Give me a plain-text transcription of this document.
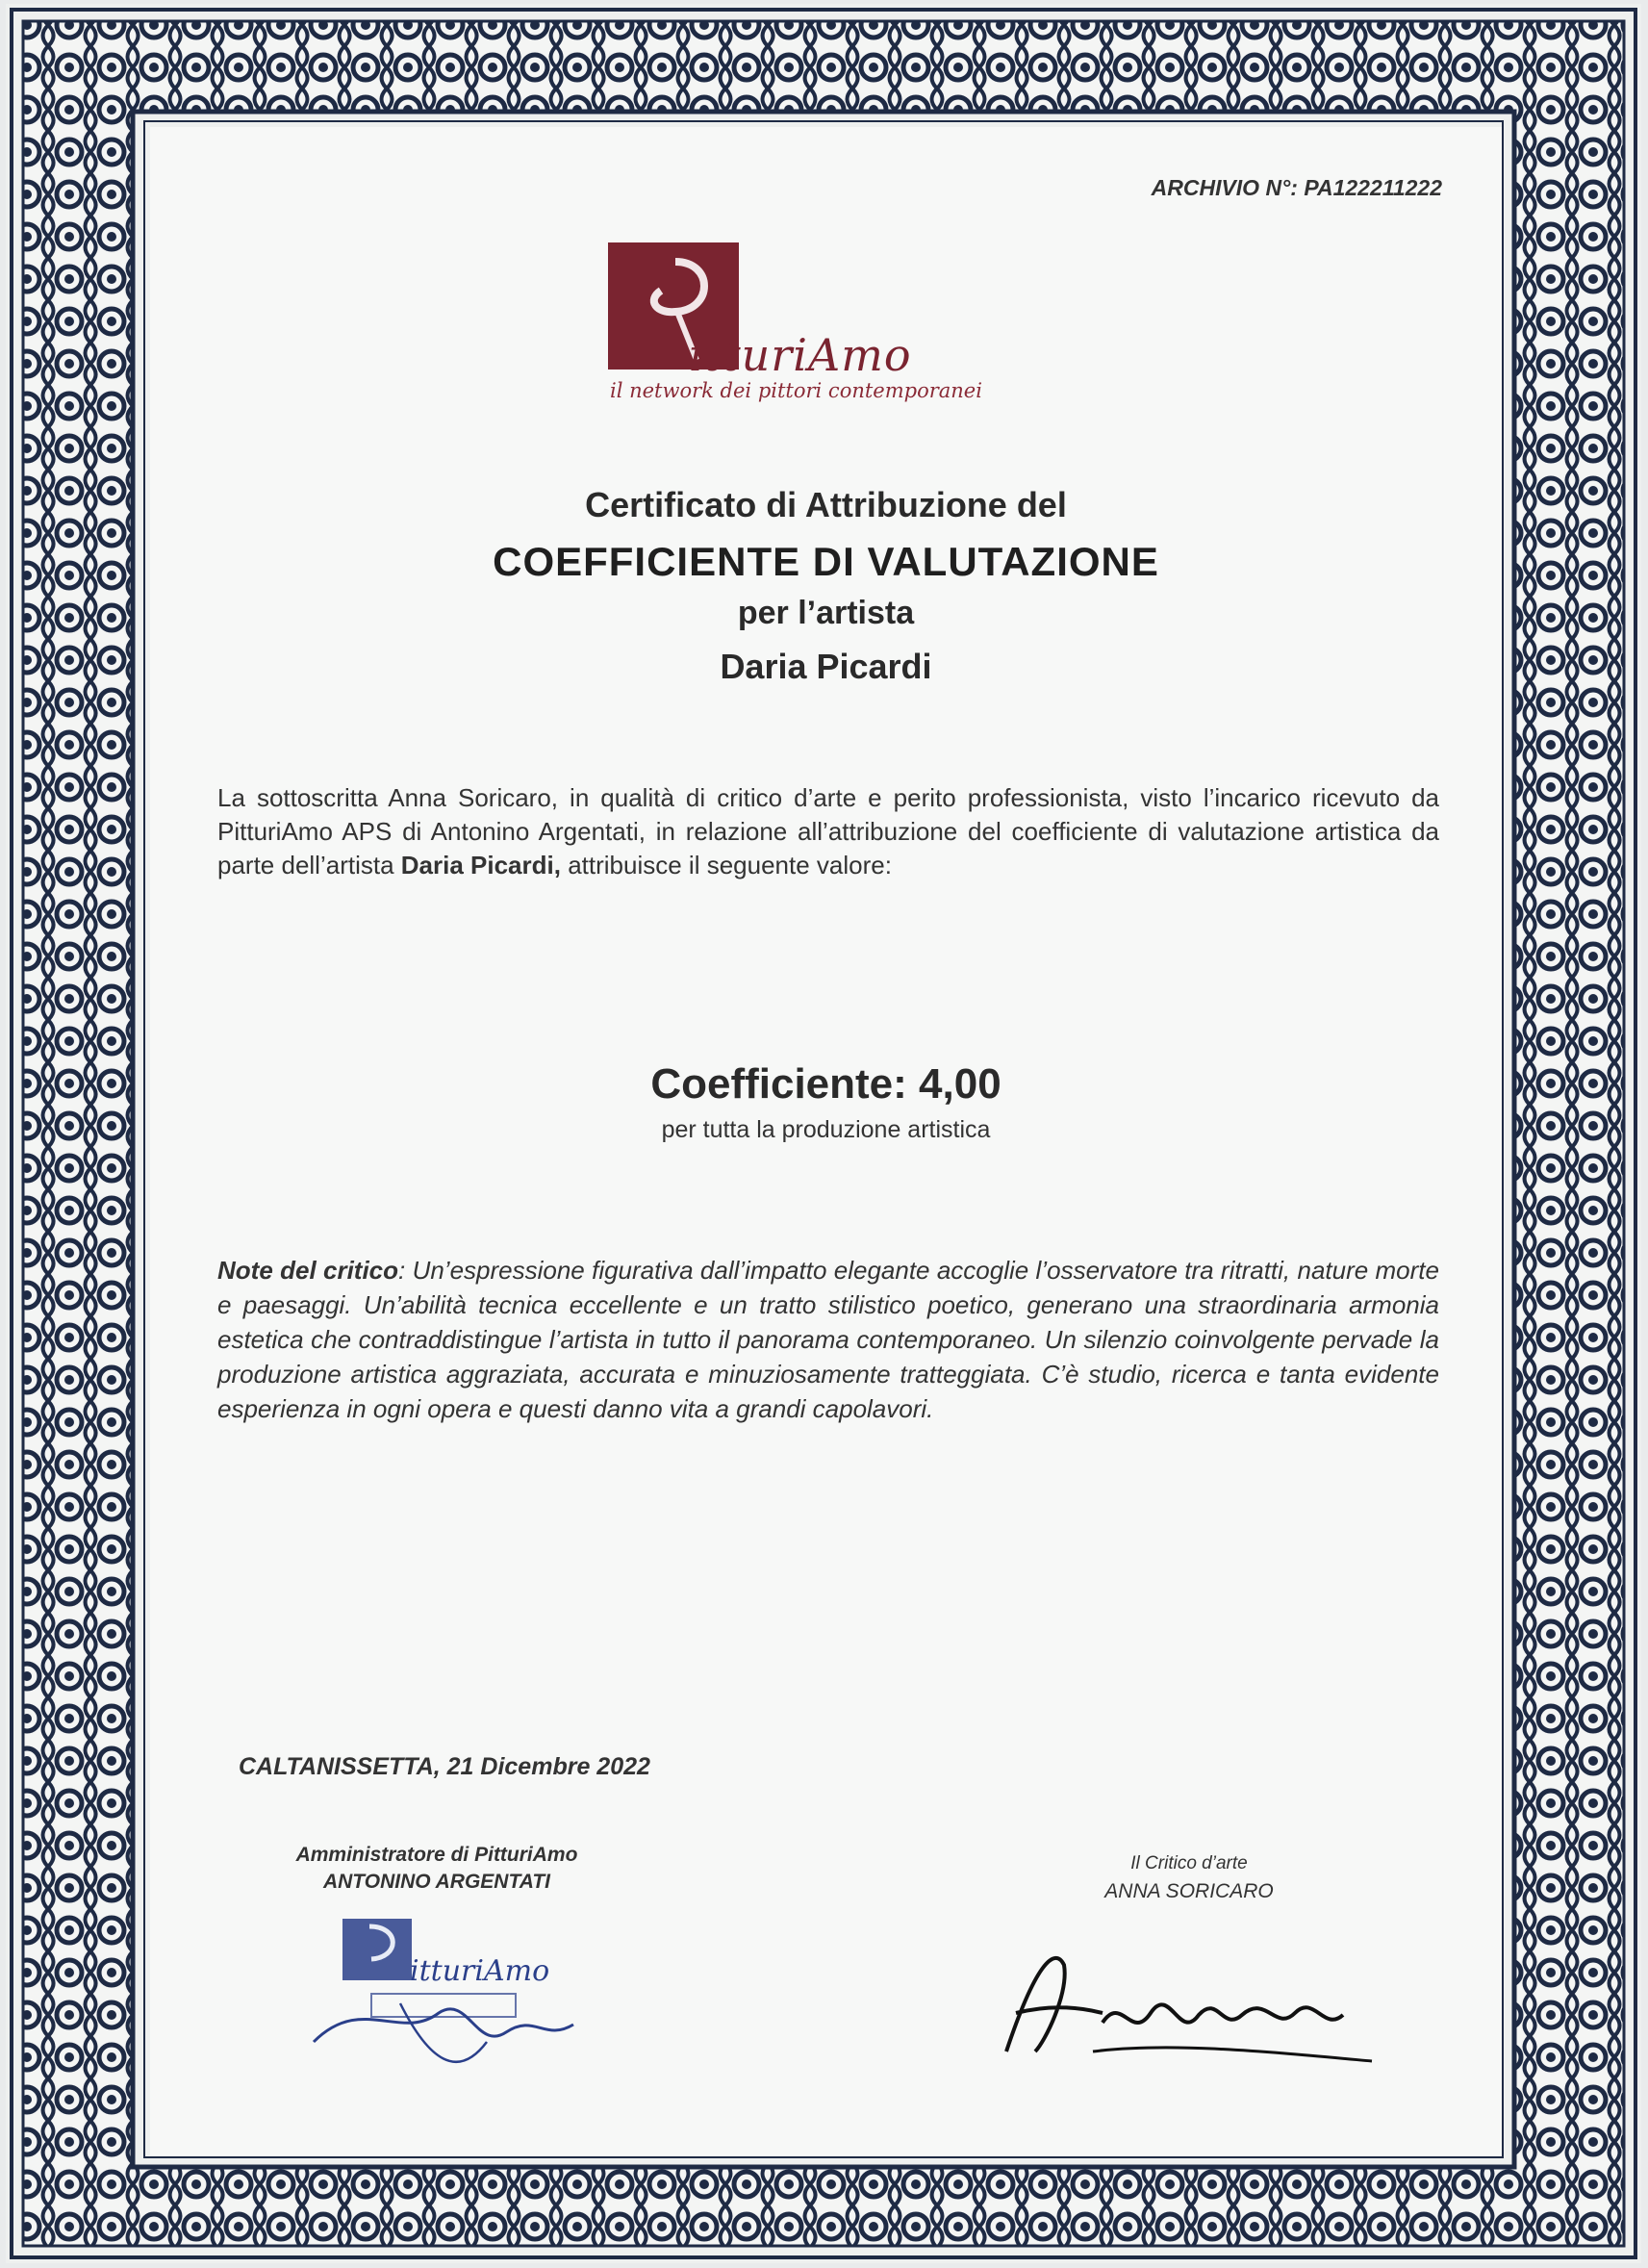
ARCHIVIO N°: PA122211222
itturiAmo
il network dei pittori contemporanei
Certificato di Attribuzione del
COEFFICIENTE DI VALUTAZIONE
per l’artista
Daria Picardi
La sottoscritta Anna Soricaro, in qualità di critico d’arte e perito professionista, visto l’incarico ricevuto da PitturiAmo APS di Antonino Argentati, in relazione all’attribuzione del coefficiente di valutazione artistica da parte dell’artista Daria Picardi, attribuisce il seguente valore:
Coefficiente: 4,00
per tutta la produzione artistica
Note del critico: Un’espressione figurativa dall’impatto elegante accoglie l’osservatore tra ritratti, nature morte e paesaggi. Un’abilità tecnica eccellente e un tratto stilistico poetico, generano una straordinaria armonia estetica che contraddistingue l’artista in tutto il panorama contemporaneo. Un silenzio coinvolgente pervade la produzione artistica aggraziata, accurata e minuziosamente tratteggiata. C’è studio, ricerca e tanta evidente esperienza in ogni opera e questi danno vita a grandi capolavori.
CALTANISSETTA, 21 Dicembre 2022
Amministratore di PitturiAmo
ANTONINO ARGENTATI
Il Critico d’arte
ANNA SORICARO
itturiAmo
